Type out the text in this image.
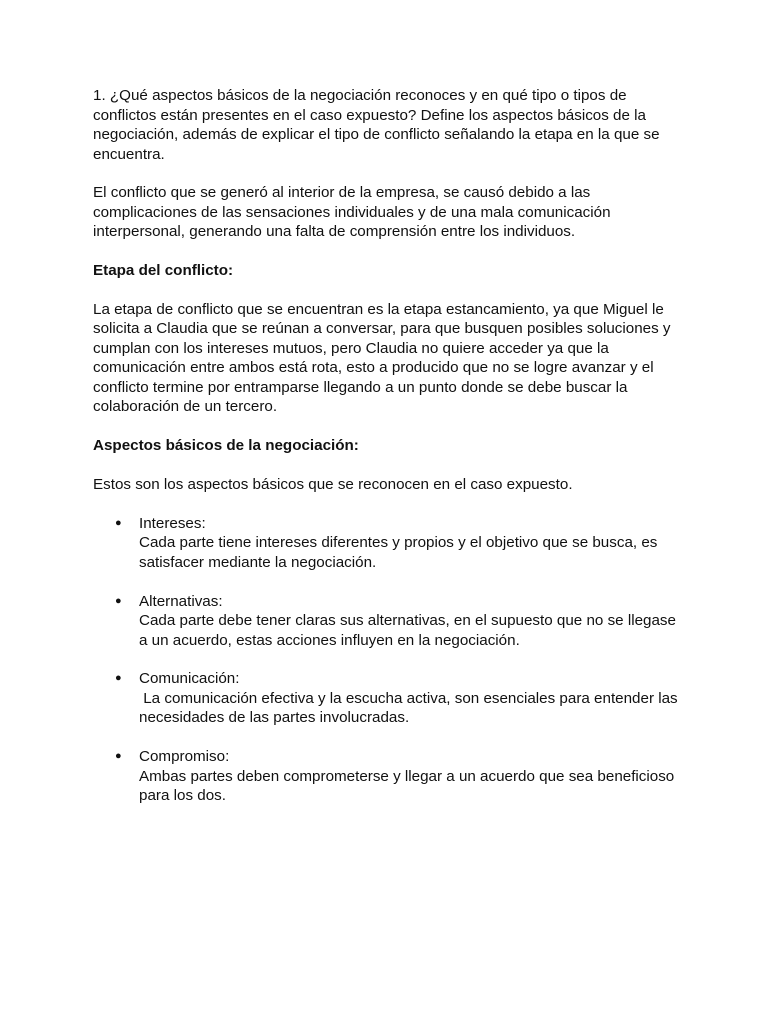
1. ¿Qué aspectos básicos de la negociación reconoces y en qué tipo o tipos de conflictos están presentes en el caso expuesto? Define los aspectos básicos de la negociación, además de explicar el tipo de conflicto señalando la etapa en la que se encuentra.

El conflicto que se generó al interior de la empresa, se causó debido a las complicaciones de las sensaciones individuales y de una mala comunicación interpersonal, generando una falta de comprensión entre los individuos.

Etapa del conflicto:

La etapa de conflicto que se encuentran es la etapa estancamiento, ya que Miguel le solicita a Claudia que se reúnan a conversar, para que busquen posibles soluciones y cumplan con los intereses mutuos, pero Claudia no quiere acceder ya que la comunicación entre ambos está rota, esto a producido que no se logre avanzar y el conflicto termine por entramparse llegando a un punto donde se debe buscar la colaboración de un tercero.

Aspectos básicos de la negociación:

Estos son los aspectos básicos que se reconocen en el caso expuesto.

● Intereses:
Cada parte tiene intereses diferentes y propios y el objetivo que se busca, es satisfacer mediante la negociación.
● Alternativas:
Cada parte debe tener claras sus alternativas, en el supuesto que no se llegase a un acuerdo, estas acciones influyen en la negociación.
● Comunicación:
La comunicación efectiva y la escucha activa, son esenciales para entender las necesidades de las partes involucradas.
● Compromiso:
Ambas partes deben comprometerse y llegar a un acuerdo que sea beneficioso para los dos.
